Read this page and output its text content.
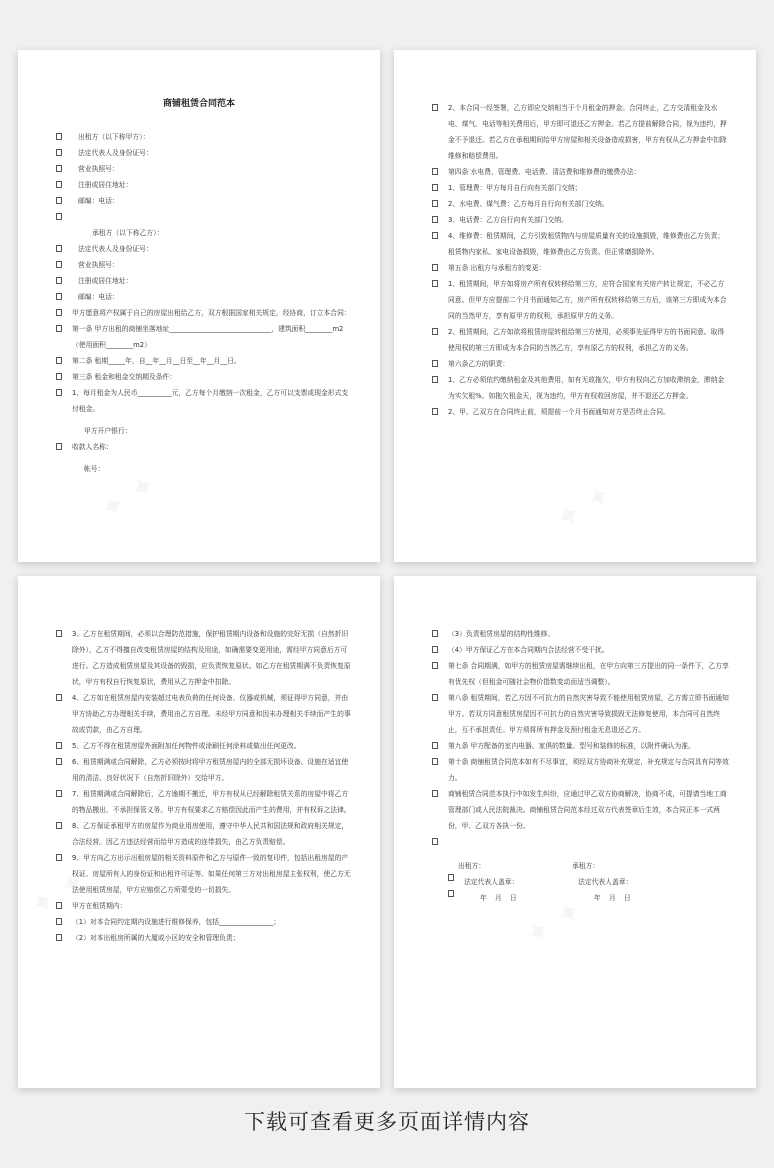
商铺租赁合同范本
出租方（以下称甲方）：
法定代表人及身份证号：
营业执照号：
注册或居住地址：
邮编：电话：
承租方（以下称乙方）：
法定代表人及身份证号：
营业执照号：
注册或居住地址：
邮编：电话：
甲方愿意将产权属于自己的房屋出租给乙方，双方根据国家相关规定，经协商，订立本合同：
第一条 甲方出租的商铺坐落地址______________________________，建筑面积________m2（使用面积________m2）
第二条 租期_____年，自__年__月__日至__年__月__日。
第三条 租金和租金交纳期及条件：
1、每月租金为人民币__________元，乙方每个月缴纳一次租金，乙方可以支票或现金形式支付租金。
甲方开户银行：
收款人名称：
帐号：
2、本合同一经签署，乙方即应交纳相当于个月租金的押金。合同终止，乙方交清租金及水电、煤气、电话等相关费用后，甲方即可退还乙方押金。若乙方提前解除合同，视为违约，押金不予退还。若乙方在承租期间给甲方房屋和相关设备造成损害，甲方有权从乙方押金中扣除维修和赔偿费用。
第四条 水电费、管理费、电话费、清洁费和维修费的缴费办法：
1、管理费：甲方每月自行向有关部门交纳；
2、水电费、煤气费：乙方每月自行向有关部门交纳。
3、电话费：乙方自行向有关部门交纳。
4、维修费：租赁期间，乙方引致租赁物内与房屋质量有关的设施损毁，维修费由乙方负责；租赁物内家私、家电设备损毁，维修费由乙方负责。但正常磨损除外。
第五条 出租方与承租方的变更：
1、租赁期间，甲方如将房产所有权转移给第三方，应符合国家有关房产转让规定，不必乙方同意。但甲方应提前二个月书面通知乙方，房产所有权转移给第三方后，该第三方即成为本合同的当然甲方，享有原甲方的权利，承担原甲方的义务。
2、租赁期间，乙方如欲将租赁房屋转租给第三方使用，必须事先征得甲方的书面同意。取得使用权的第三方即成为本合同的当然乙方，享有原乙方的权利，承担乙方的义务。
第六条乙方的职责：
1、乙方必须依约缴纳租金及其他费用，如有无故拖欠，甲方有权向乙方加收滞纳金，滞纳金为实欠租%。如拖欠租金天，视为违约，甲方有权收回房屋，并不退还乙方押金。
2、甲、乙双方在合同终止前，须提前一个月书面通知对方是否终止合同。
3、乙方在租赁期间，必须以合理防范措施，保护租赁期内设备和设施的完好无损（自然折旧除外），乙方不得擅自改变租赁房屋的结构及用途，如确需要变更用途，需经甲方同意后方可进行。乙方造成租赁房屋及其设备的毁损，应负责恢复原状。如乙方在租赁期满不负责恢复原状，甲方有权自行恢复原状，费用从乙方押金中扣除。
4、乙方如在租赁房屋内安装超过电表负荷的任何设备、仪器或机械，须征得甲方同意，并由甲方协助乙方办理相关手续，费用由乙方自理。未经甲方同意和因未办理相关手续而产生的事故或罚款，由乙方自理。
5、乙方不得在租赁房屋外面附加任何物件或涂刷任何涂料或做出任何更改。
6、租赁期满或合同解除，乙方必须按时将甲方租赁房屋内的全部无损坏设备、设施在适宜使用的清洁、良好状况下（自然折旧除外）交给甲方。
7、租赁期满或合同解除后，乙方逾期不搬迁，甲方有权从已经解除租赁关系的房屋中将乙方的物品搬出，不承担保管义务。甲方有权要求乙方赔偿因此而产生的费用，并有权诉之法律。
8、乙方保证承租甲方的房屋作为商业用房使用，遵守中华人民共和国法规和政府相关规定，合法经营。因乙方违法经营而给甲方造成的连带损失，由乙方负责赔偿。
9、甲方向乙方出示出租房屋的相关资料原件和乙方与原件一致的复印件，包括出租房屋的产权证、房屋所有人的身份证和出租许可证等。如果任何第三方对出租房屋主张权利，使乙方无法使用租赁房屋，甲方应赔偿乙方所蒙受的一切损失。
甲方在租赁期内：
（1）对本合同约定期内设施进行维修保养，包括________________；
（2）对本出租房所属的大厦或小区的安全和管理负责；
（3）负责租赁房屋的结构性维修。
（4）甲方保证乙方在本合同期内合法经营不受干扰。
第七条 合同期满，如甲方的租赁房屋需继续出租，在甲方向第三方提出的同一条件下，乙方享有优先权（但租金可随社会物价指数变动而适当调整）。
第八条 租赁期间，若乙方因不可抗力的自然灾害导致不能使用租赁房屋，乙方需立即书面通知甲方。若双方同意租赁房屋因不可抗力的自然灾害导致损毁无法修复使用，本合同可自然终止，互不承担责任。甲方须将所有押金及预付租金无息退还乙方。
第九条 甲方配备的室内电器、家俱的数量、型号和装修的标准，以附件确认为准。
第十条 商铺租赁合同范本如有不尽事宜，须经双方协商补充规定，补充规定与合同具有同等效力。
商铺租赁合同范本执行中如发生纠纷，应通过甲乙双方协商解决，协商不成，可提请当地工商管理部门或人民法院裁决。商铺租赁合同范本经过双方代表签章后生效，本合同正本一式两份，甲、乙双方各执一份。
出租方：	承租方：
法定代表人盖章：	法定代表人盖章：
年 月 日	年 月 日
下载可查看更多页面详情内容
